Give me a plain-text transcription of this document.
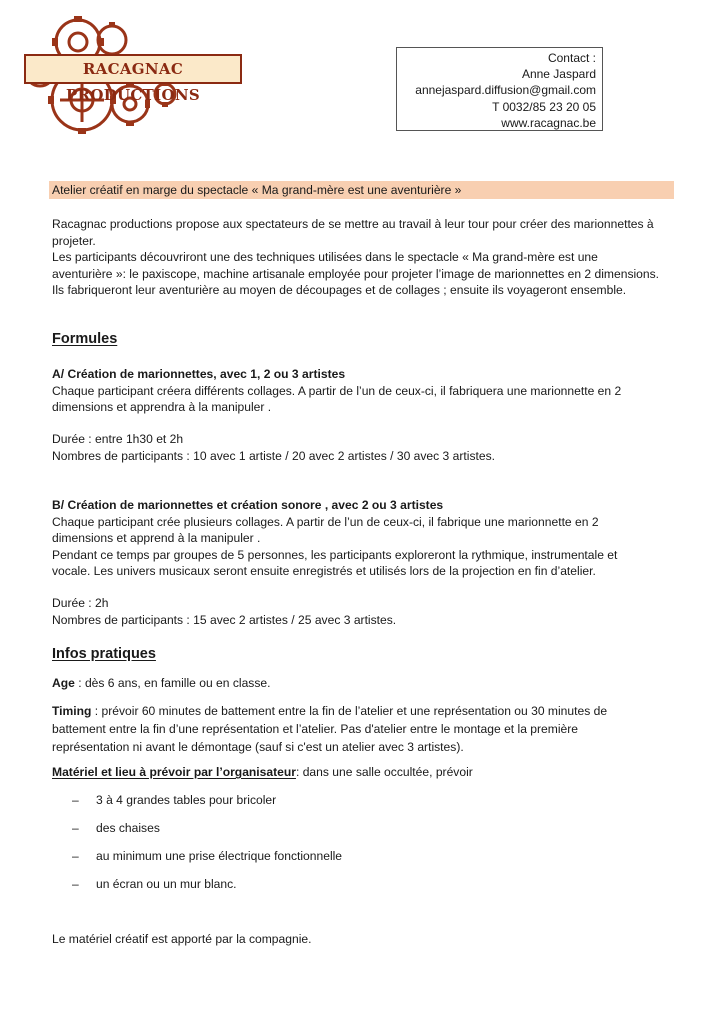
RACAGNAC PRODUCTIONS
Contact :
Anne Jaspard
annejaspard.diffusion@gmail.com
T 0032/85 23 20 05
www.racagnac.be
Atelier créatif en marge du spectacle « Ma grand-mère est une aventurière »

Racagnac productions propose aux spectateurs de se mettre au travail à leur tour pour créer des marionnettes à

projeter.

Les participants découvriront une des techniques utilisées dans le spectacle « Ma grand-mère est une

aventurière »: le paxiscope, machine artisanale employée pour projeter l’image de marionnettes en 2 dimensions.

Ils fabriqueront leur aventurière au moyen de découpages et de collages ; ensuite ils voyageront ensemble.

Formules

A/ Création de marionnettes, avec 1, 2 ou 3 artistes

Chaque participant créera différents collages. A partir de l’un de ceux-ci, il fabriquera une marionnette en 2

dimensions et apprendra à la manipuler .

Durée : entre 1h30 et 2h

Nombres de participants : 10 avec 1 artiste / 20 avec 2 artistes / 30 avec 3 artistes.

B/ Création de marionnettes et création sonore , avec 2 ou 3 artistes

Chaque participant crée plusieurs collages. A partir de l’un de ceux-ci, il fabrique une marionnette en 2

dimensions et apprend à la manipuler .

Pendant ce temps par groupes de 5 personnes, les participants exploreront la rythmique, instrumentale et

vocale. Les univers musicaux seront ensuite enregistrés et utilisés lors de la projection en fin d’atelier.

Durée : 2h

Nombres de participants : 15 avec 2 artistes / 25 avec 3 artistes.

Infos pratiques

Age : dès 6 ans, en famille ou en classe.

Timing : prévoir 60 minutes de battement entre la fin de l’atelier et une représentation ou 30 minutes de

battement entre la fin d’une représentation et l’atelier. Pas d'atelier entre le montage et la première

représentation ni avant le démontage (sauf si c'est un atelier avec 3 artistes).

Matériel et lieu à prévoir par l’organisateur: dans une salle occultée, prévoir

– 3 à 4 grandes tables pour bricoler
– des chaises
– au minimum une prise électrique fonctionnelle
– un écran ou un mur blanc.
Le matériel créatif est apporté par la compagnie.
